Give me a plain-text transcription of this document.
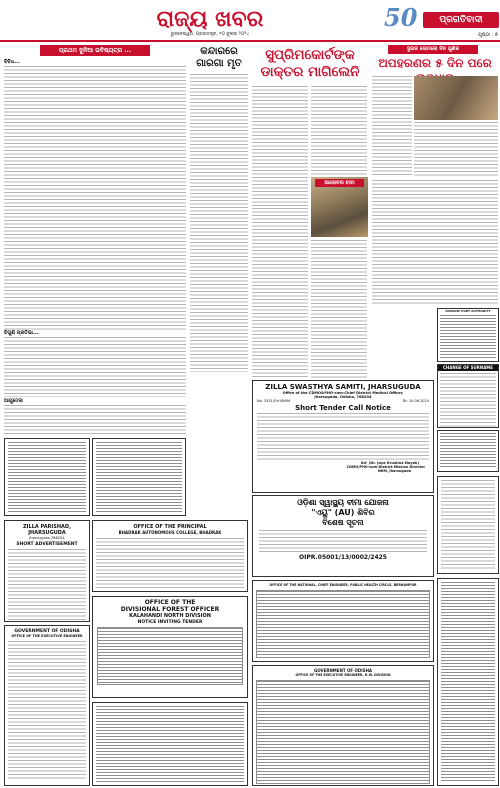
ରାଜ୍ୟ ଖବର
ଭୁବନେଶ୍ୱର, ପ୍ରଜାତନ୍ତ୍ର, ୧୦ ଜୁଲାଇ ୨୦୨୪
50	ପ୍ରଗତିବାଦୀ
ପୃଷ୍ଠା : ୭
ପ୍ରଥମ ଦୁନିଆ ଭବିଷ୍ୟତ୍‌ର ...
ବିବିଧ...
ବିଗୁଣି ପ୍ରତିଭା...
ଆଗୁଦ୍ଦେଲା
କନ୍ଦାରରେ ଗାରଗା ମୃତ
ସୁପ୍ରିମକୋର୍ଟଙ୍କ ଡାକ୍ତର ମାଗିଲେନି
ଆଲୋଚନା ବାବା
ଦୁଇକ ଲୋମଲୋ ଦିନ ଗୁଣିକ
ଅପହରଣର ୫ ଦିନ ପରେ
PARADIP PORT AUTHORITY
CHANGE OF SURNAME
ZILLA SWASTHYA SAMITI, JHARSUGUDA
Office of the CDMO&PHO-cum-Chief District Medical Officer,
Jharsuguda, Odisha, 768204
No. 2551/FvH/NHM	Dt: 10.06.2024
Short Tender Call Notice
Sd- (Dr. Jaya Krushna Nayak)
CDMO/PHO-cum-District Mission Director
NHM, Jharsuguda
ଓଡ଼ିଶା ସ୍ୱାସ୍ଥ୍ୟ ବୀମା ଯୋଜନା
"ଏୟୁ" (AU) ଶିବିର
ବିଶେଷ ସୂଚନା
OIPR.05001/13/0002/2425
ZILLA PARISHAD, JHARSUGUDA
Jharsuguda-768204
SHORT ADVERTISEMENT
GOVERNMENT OF ODISHA
OFFICE OF THE EXECUTIVE ENGINEER
OFFICE OF THE PRINCIPAL
BHADRAK AUTONOMOUS COLLEGE, BHADRAK
OFFICE OF THE
DIVISIONAL FOREST OFFICER
KALAHANDI NORTH DIVISION
NOTICE INVITING TENDER
OFFICE OF THE NATIONAL, CHIEF ENGINEER, PUBLIC HEALTH CIRCLE, BERHAMPUR
GOVERNMENT OF ODISHA
OFFICE OF THE EXECUTIVE ENGINEER, R.W. DIVISION
